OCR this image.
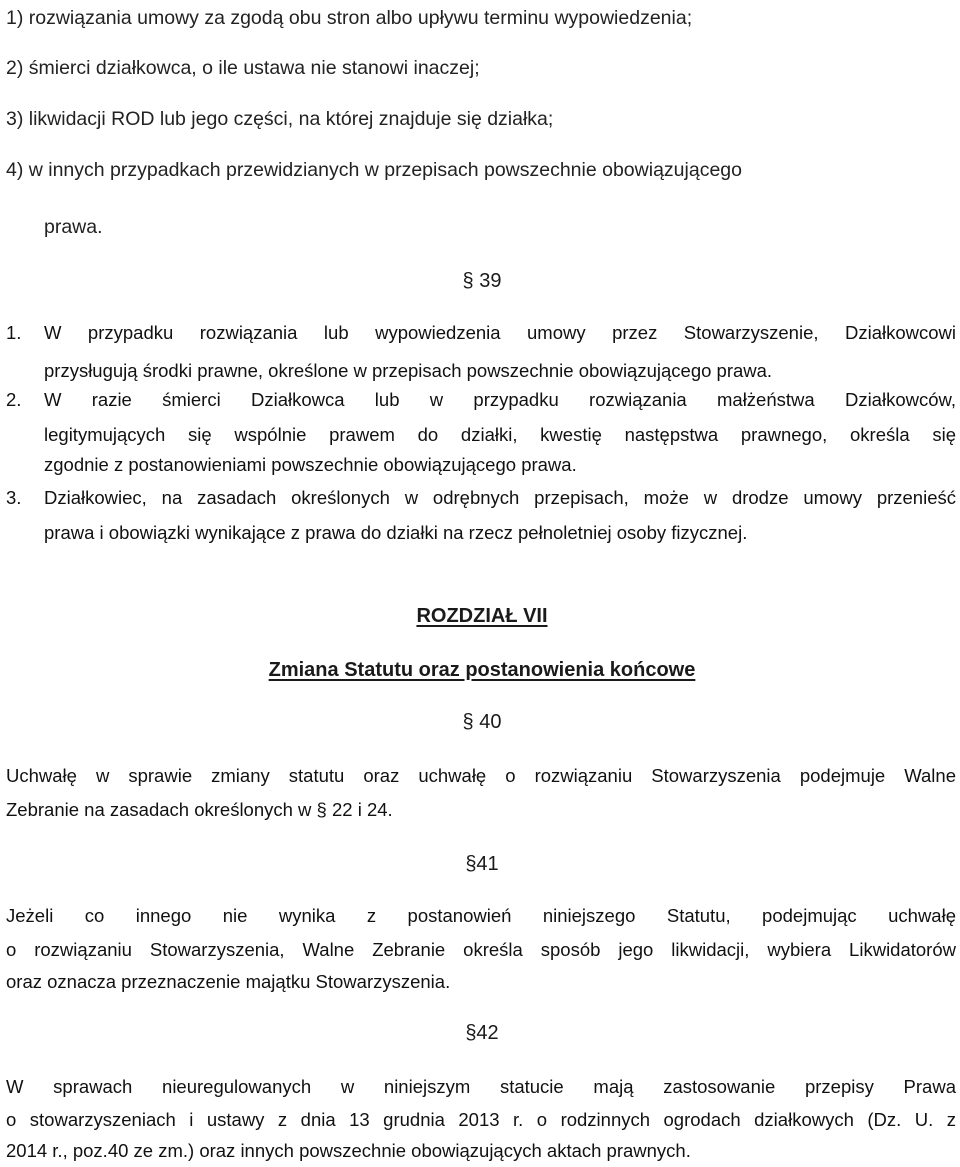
1) rozwiązania umowy za zgodą obu stron albo upływu terminu wypowiedzenia;
2) śmierci działkowca, o ile ustawa nie stanowi inaczej;
3) likwidacji ROD lub jego części, na której znajduje się działka;
4) w innych przypadkach przewidzianych w przepisach powszechnie obowiązującego
prawa.
§ 39
1. W przypadku rozwiązania lub wypowiedzenia umowy przez Stowarzyszenie, Działkowcowi
przysługują środki prawne, określone w przepisach powszechnie obowiązującego prawa.
2. W razie śmierci Działkowca lub w przypadku rozwiązania małżeństwa Działkowców,
legitymujących się wspólnie prawem do działki, kwestię następstwa prawnego, określa się
zgodnie z postanowieniami powszechnie obowiązującego prawa.
3. Działkowiec, na zasadach określonych w odrębnych przepisach, może w drodze umowy przenieść
prawa i obowiązki wynikające z prawa do działki na rzecz pełnoletniej osoby fizycznej.
ROZDZIAŁ VII
Zmiana Statutu oraz postanowienia końcowe
§ 40
Uchwałę w sprawie zmiany statutu oraz uchwałę o rozwiązaniu Stowarzyszenia podejmuje Walne
Zebranie na zasadach określonych w § 22 i 24.
§41
Jeżeli co innego nie wynika z postanowień niniejszego Statutu, podejmując uchwałę
o rozwiązaniu Stowarzyszenia, Walne Zebranie określa sposób jego likwidacji, wybiera Likwidatorów
oraz oznacza przeznaczenie majątku Stowarzyszenia.
§42
W sprawach nieuregulowanych w niniejszym statucie mają zastosowanie przepisy Prawa
o stowarzyszeniach i ustawy z dnia 13 grudnia 2013 r. o rodzinnych ogrodach działkowych (Dz. U. z
2014 r., poz.40 ze zm.) oraz innych powszechnie obowiązujących aktach prawnych.
